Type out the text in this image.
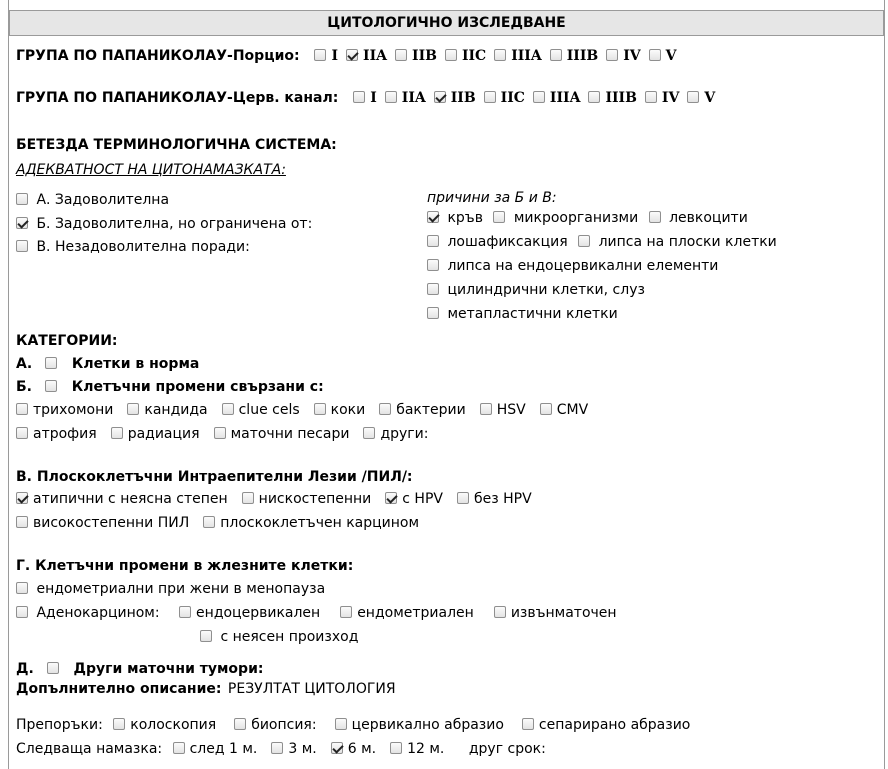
ЦИТОЛОГИЧНО ИЗСЛЕДВАНЕ
ГРУПА ПО ПАПАНИКОЛАУ-Порцио: I IIA IIB IIC IIIA IIIB IV V
ГРУПА ПО ПАПАНИКОЛАУ-Церв. канал: I IIA IIB IIC IIIA IIIB IV V
БЕТЕЗДА ТЕРМИНОЛОГИЧНА СИСТЕМА:
АДЕКВАТНОСТ НА ЦИТОНАМАЗКАТА:
А. Задоволителна
Б. Задоволителна, но ограничена от:
В. Незадоволителна поради:
причини за Б и В:
кръв микроорганизми левкоцити
лошафиксакция липса на плоски клетки
липса на ендоцервикални елементи
цилиндрични клетки, слуз
метапластични клетки
КАТЕГОРИИ:
А.	Клетки в норма
Б.	Клетъчни промени свързани с:
трихомони кандида clue cels коки бактерии HSV CMV
атрофия радиация маточни песари други:
В. Плоскоклетъчни Интраепителни Лезии /ПИЛ/:
атипични с неясна степен нискостепенни с HPV без HPV
високостепенни ПИЛ плоскоклетъчен карцином
Г. Клетъчни промени в жлезните клетки:
ендометриални при жени в менопауза
Аденокарцином:	ендоцервикален	ендометриален	извънматочен
с неясен произход
Д.	Други маточни тумори:
Допълнително описание: РЕЗУЛТАТ ЦИТОЛОГИЯ
Препоръки: колоскопия	биопсия:	цервикално абразио	сепарирано абразио
Следваща намазка: след 1 м. 3 м. 6 м. 12 м. друг срок:
